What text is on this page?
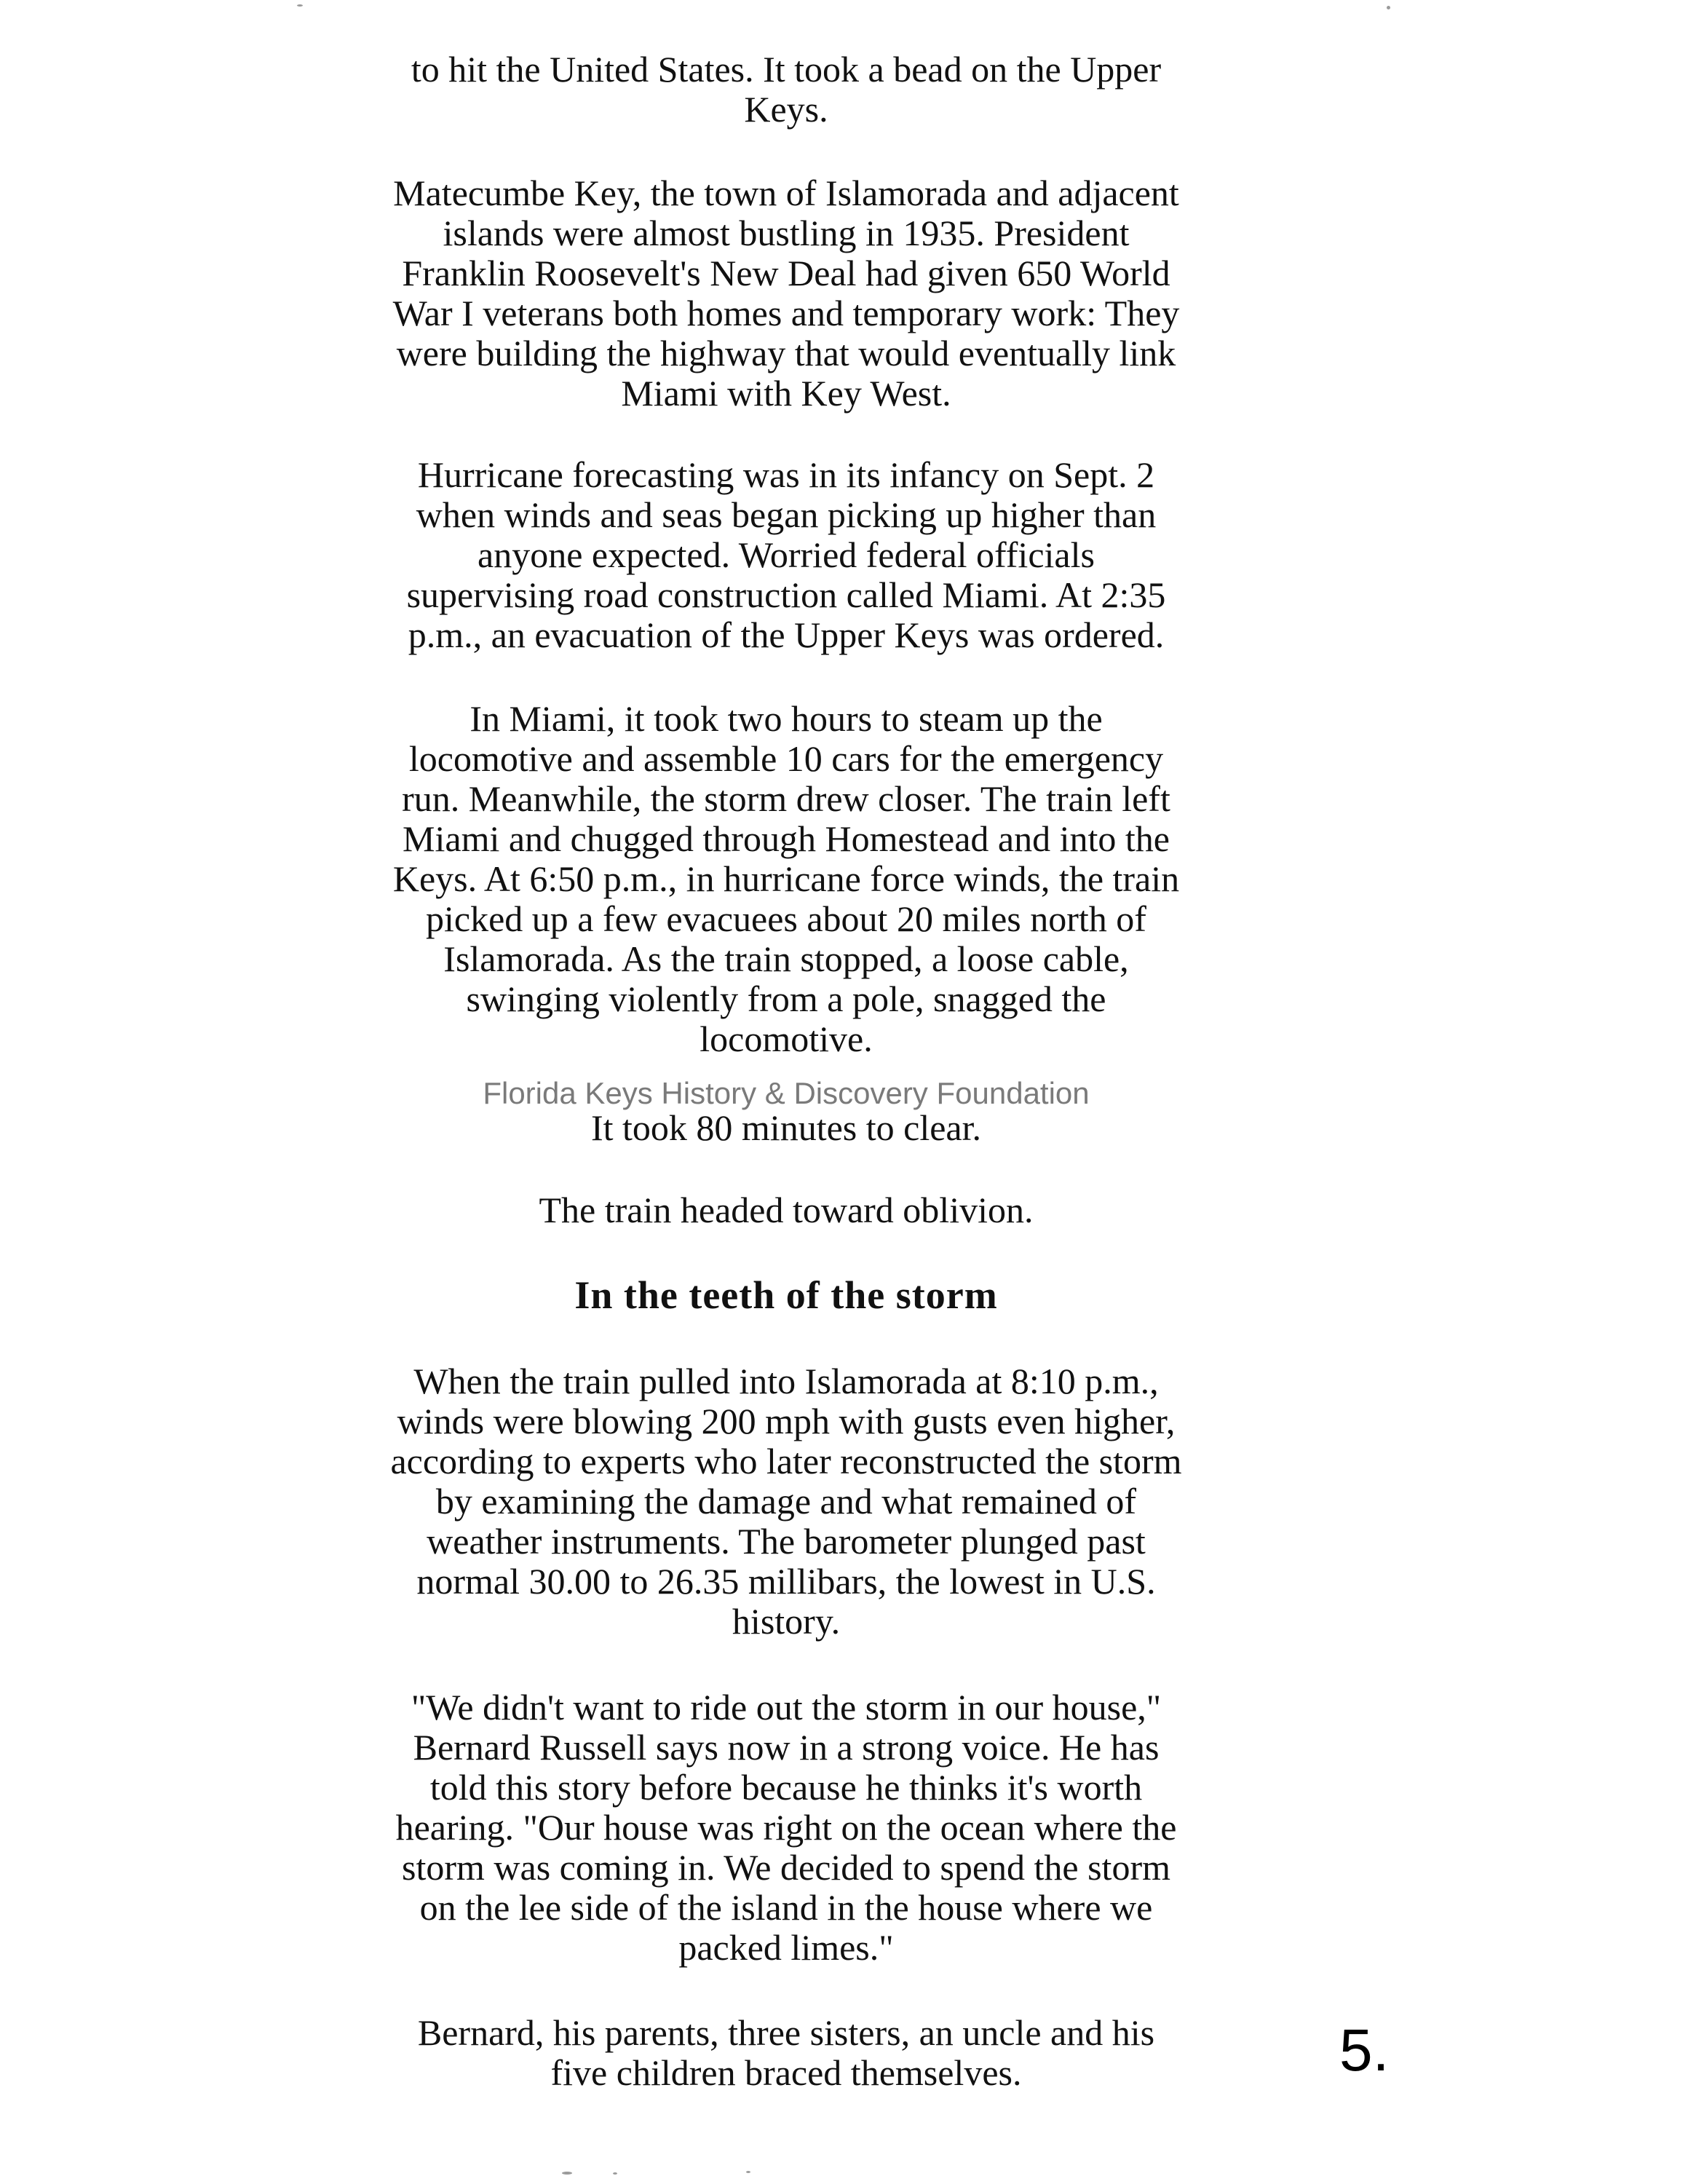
to hit the United States. It took a bead on the Upper
Keys.

Matecumbe Key, the town of Islamorada and adjacent
islands were almost bustling in 1935. President
Franklin Roosevelt's New Deal had given 650 World
War I veterans both homes and temporary work: They
were building the highway that would eventually link
Miami with Key West.

Hurricane forecasting was in its infancy on Sept. 2
when winds and seas began picking up higher than
anyone expected. Worried federal officials
supervising road construction called Miami. At 2:35
p.m., an evacuation of the Upper Keys was ordered.

In Miami, it took two hours to steam up the
locomotive and assemble 10 cars for the emergency
run. Meanwhile, the storm drew closer. The train left
Miami and chugged through Homestead and into the
Keys. At 6:50 p.m., in hurricane force winds, the train
picked up a few evacuees about 20 miles north of
Islamorada. As the train stopped, a loose cable,
swinging violently from a pole, snagged the
locomotive.

Florida Keys History & Discovery Foundation

It took 80 minutes to clear.

The train headed toward oblivion.

In the teeth of the storm

When the train pulled into Islamorada at 8:10 p.m.,
winds were blowing 200 mph with gusts even higher,
according to experts who later reconstructed the storm
by examining the damage and what remained of
weather instruments. The barometer plunged past
normal 30.00 to 26.35 millibars, the lowest in U.S.
history.

"We didn't want to ride out the storm in our house,"
Bernard Russell says now in a strong voice. He has
told this story before because he thinks it's worth
hearing. "Our house was right on the ocean where the
storm was coming in. We decided to spend the storm
on the lee side of the island in the house where we
packed limes."

Bernard, his parents, three sisters, an uncle and his
five children braced themselves.	5.
